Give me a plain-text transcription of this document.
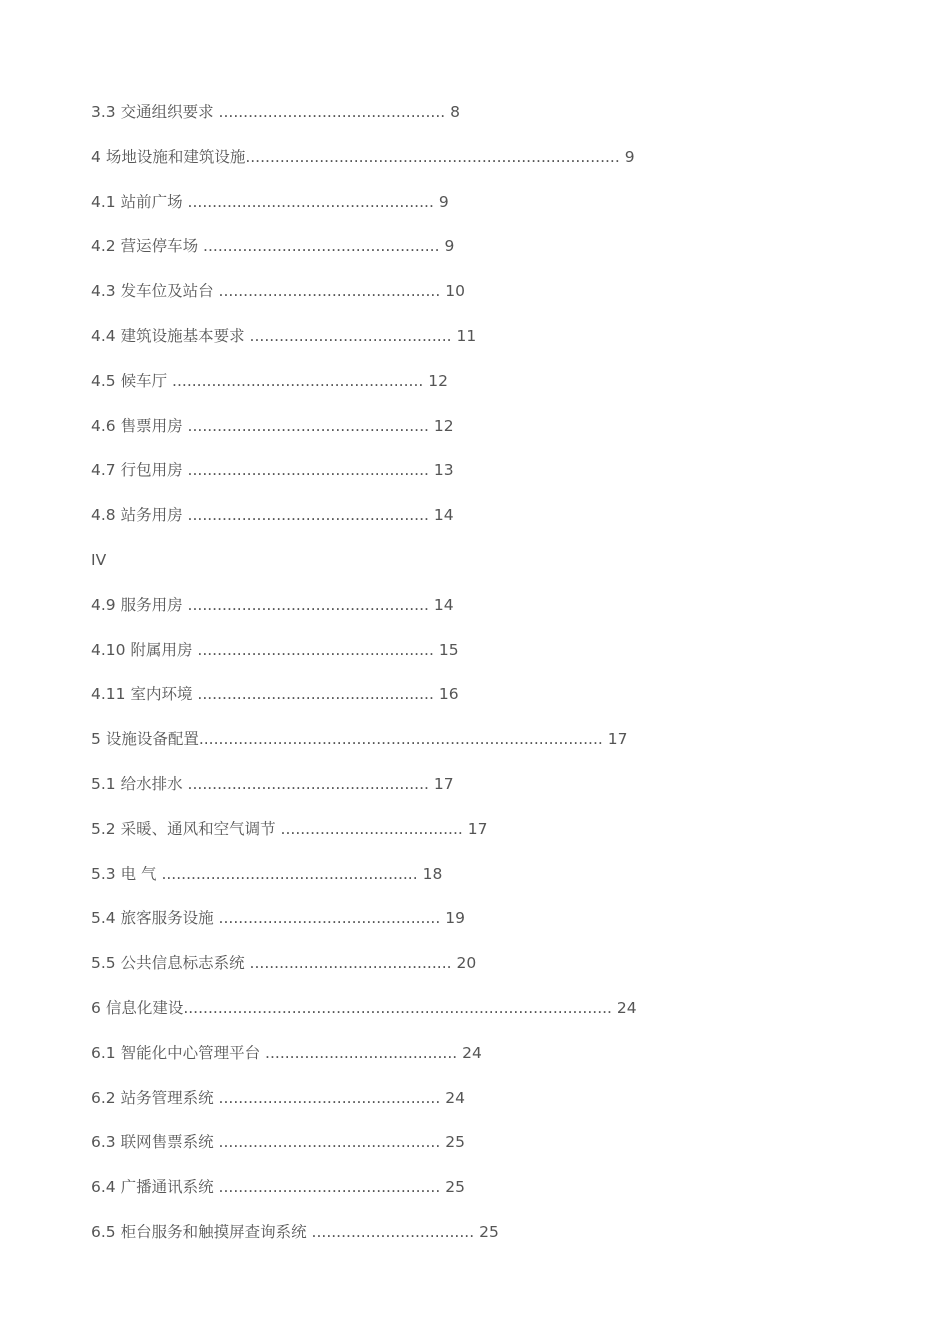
3.3 交通组织要求 .............................................. 8
4 场地设施和建筑设施............................................................................ 9
4.1 站前广场 .................................................. 9
4.2 营运停车场 ................................................ 9
4.3 发车位及站台 ............................................. 10
4.4 建筑设施基本要求 ......................................... 11
4.5 候车厅 ................................................... 12
4.6 售票用房 ................................................. 12
4.7 行包用房 ................................................. 13
4.8 站务用房 ................................................. 14
IV
4.9 服务用房 ................................................. 14
4.10 附属用房 ................................................ 15
4.11 室内环境 ................................................ 16
5 设施设备配置.................................................................................. 17
5.1 给水排水 ................................................. 17
5.2 采暖、通风和空气调节 ..................................... 17
5.3 电 气 .................................................... 18
5.4 旅客服务设施 ............................................. 19
5.5 公共信息标志系统 ......................................... 20
6 信息化建设....................................................................................... 24
6.1 智能化中心管理平台 ....................................... 24
6.2 站务管理系统 ............................................. 24
6.3 联网售票系统 ............................................. 25
6.4 广播通讯系统 ............................................. 25
6.5 柜台服务和触摸屏查询系统 ................................. 25
